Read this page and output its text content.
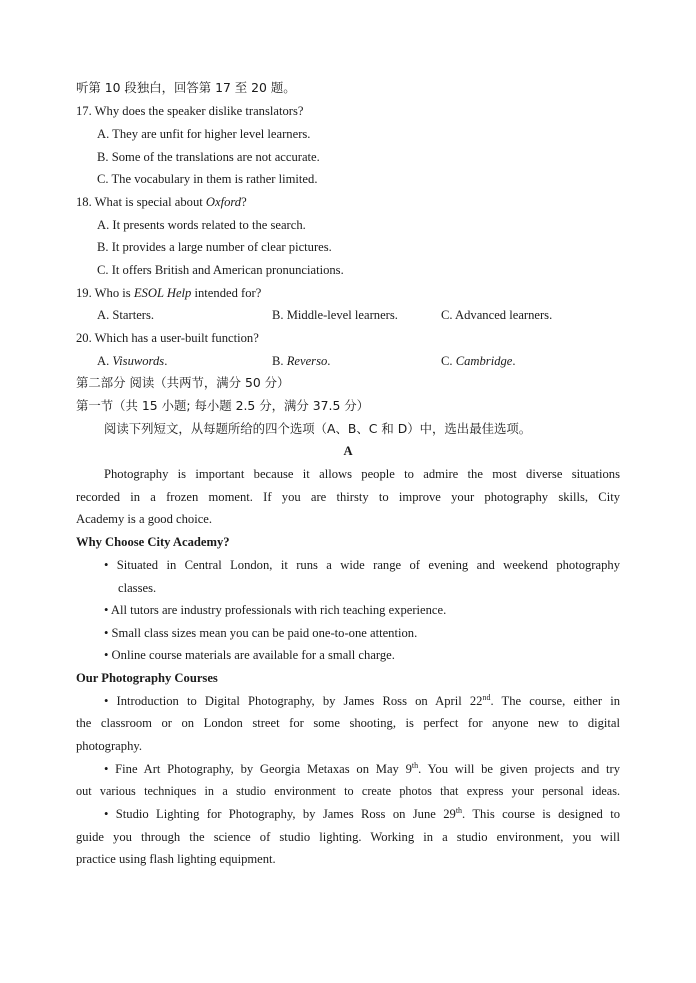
听第 10 段独白，回答第 17 至 20 题。
17. Why does the speaker dislike translators?
A. They are unfit for higher level learners.
B. Some of the translations are not accurate.
C. The vocabulary in them is rather limited.
18. What is special about Oxford?
A. It presents words related to the search.
B. It provides a large number of clear pictures.
C. It offers British and American pronunciations.
19. Who is ESOL Help intended for?
A. Starters.	B. Middle-level learners.	C. Advanced learners.
20. Which has a user-built function?
A. Visuwords.	B. Reverso.	C. Cambridge.
第二部分 阅读（共两节，满分 50 分）
第一节（共 15 小题; 每小题 2.5 分，满分 37.5 分）
阅读下列短文，从每题所给的四个选项（A、B、C 和 D）中，选出最佳选项。
A
Photography is important because it allows people to admire the most diverse situations
recorded in a frozen moment. If you are thirsty to improve your photography skills, City
Academy is a good choice.
Why Choose City Academy?
• Situated in Central London, it runs a wide range of evening and weekend photography
classes.
• All tutors are industry professionals with rich teaching experience.
• Small class sizes mean you can be paid one-to-one attention.
• Online course materials are available for a small charge.
Our Photography Courses
• Introduction to Digital Photography, by James Ross on April 22nd. The course, either in
the classroom or on London street for some shooting, is perfect for anyone new to digital
photography.
• Fine Art Photography, by Georgia Metaxas on May 9th. You will be given projects and try
out various techniques in a studio environment to create photos that express your personal ideas.
• Studio Lighting for Photography, by James Ross on June 29th. This course is designed to
guide you through the science of studio lighting. Working in a studio environment, you will
practice using flash lighting equipment.
